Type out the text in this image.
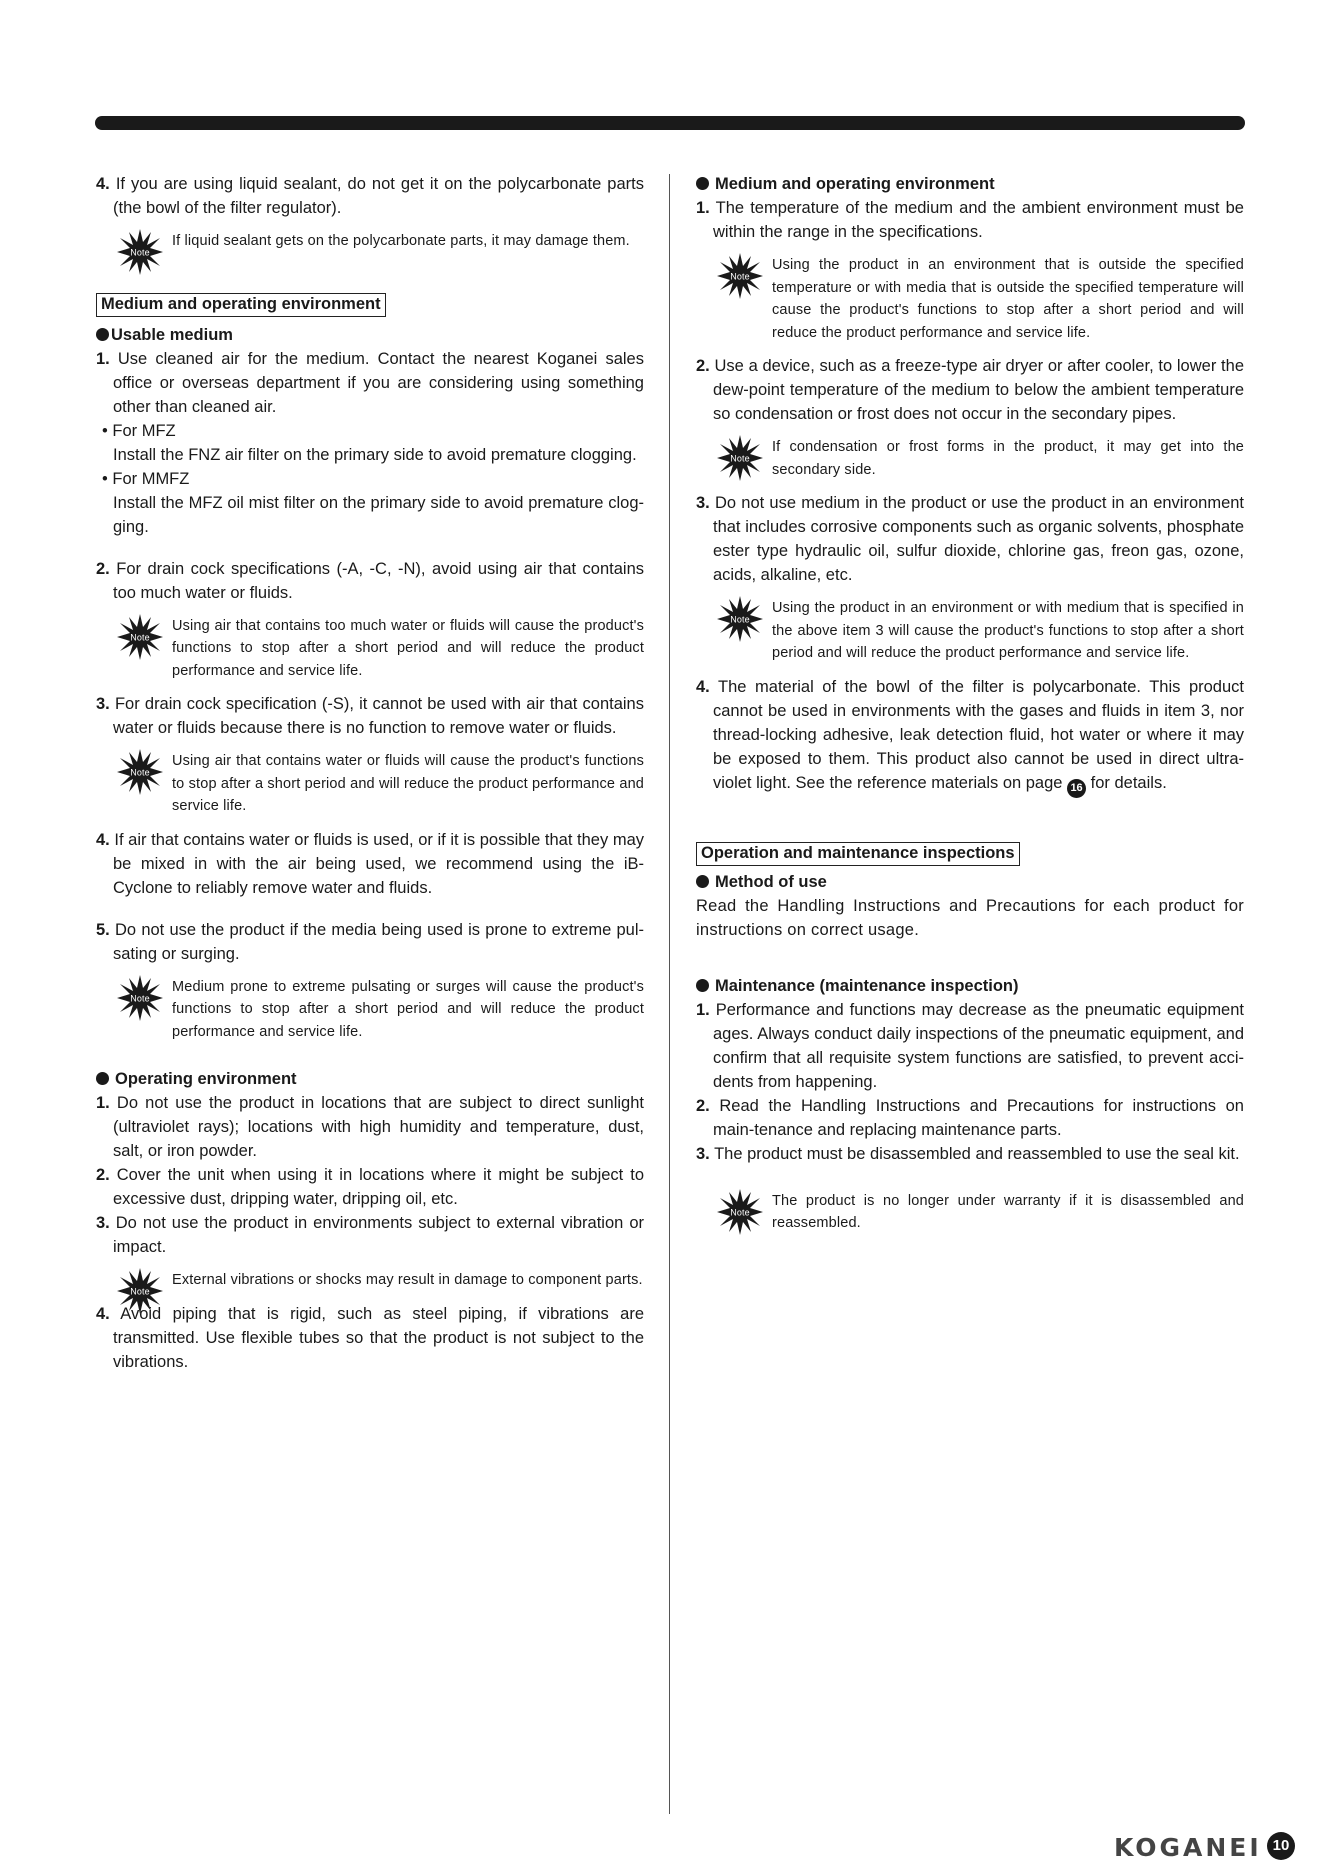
4. If you are using liquid sealant, do not get it on the polycarbonate parts (the bowl of the filter regulator).

Note
If liquid sealant gets on the polycarbonate parts, it may damage them.

Medium and operating environment

Usable medium

1. Use cleaned air for the medium. Contact the nearest Koganei sales office or overseas department if you are considering using something other than cleaned air.

• For MFZ

Install the FNZ air filter on the primary side to avoid premature clogging.

• For MMFZ

Install the MFZ oil mist filter on the primary side to avoid premature clog-ging.

2. For drain cock specifications (-A, -C, -N), avoid using air that contains too much water or fluids.

Note
Using air that contains too much water or fluids will cause the product's functions to stop after a short period and will reduce the product performance and service life.

3. For drain cock specification (-S), it cannot be used with air that contains water or fluids because there is no function to remove water or fluids.

Note
Using air that contains water or fluids will cause the product's functions to stop after a short period and will reduce the product performance and service life.

4. If air that contains water or fluids is used, or if it is possible that they may be mixed in with the air being used, we recommend using the iB-Cyclone to reliably remove water and fluids.

5. Do not use the product if the media being used is prone to extreme pul-sating or surging.

Note
Medium prone to extreme pulsating or surges will cause the product's functions to stop after a short period and will reduce the product performance and service life.

Operating environment

1. Do not use the product in locations that are subject to direct sunlight (ultraviolet rays); locations with high humidity and temperature, dust, salt, or iron powder.

2. Cover the unit when using it in locations where it might be subject to excessive dust, dripping water, dripping oil, etc.

3. Do not use the product in environments subject to external vibration or impact.

Note
External vibrations or shocks may result in damage to component parts.

4. Avoid piping that is rigid, such as steel piping, if vibrations are transmitted. Use flexible tubes so that the product is not subject to the vibrations.

Medium and operating environment

1. The temperature of the medium and the ambient environment must be within the range in the specifications.

Note
Using the product in an environment that is outside the specified temperature or with media that is outside the specified temperature will cause the product's functions to stop after a short period and will reduce the product performance and service life.

2. Use a device, such as a freeze-type air dryer or after cooler, to lower the dew-point temperature of the medium to below the ambient temperature so condensation or frost does not occur in the secondary pipes.

Note
If condensation or frost forms in the product, it may get into the secondary side.

3. Do not use medium in the product or use the product in an environment that includes corrosive components such as organic solvents, phosphate ester type hydraulic oil, sulfur dioxide, chlorine gas, freon gas, ozone, acids, alkaline, etc.

Note
Using the product in an environment or with medium that is specified in the above item 3 will cause the product's functions to stop after a short period and will reduce the product performance and service life.

4. The material of the bowl of the filter is polycarbonate. This product cannot be used in environments with the gases and fluids in item 3, nor thread-locking adhesive, leak detection fluid, hot water or where it may be exposed to them. This product also cannot be used in direct ultra-violet light. See the reference materials on page 16 for details.

Operation and maintenance inspections

Method of use

Read the Handling Instructions and Precautions for each product for instructions on correct usage.

Maintenance (maintenance inspection)

1. Performance and functions may decrease as the pneumatic equipment ages. Always conduct daily inspections of the pneumatic equipment, and confirm that all requisite system functions are satisfied, to prevent acci-dents from happening.

2. Read the Handling Instructions and Precautions for instructions on main-tenance and replacing maintenance parts.

3. The product must be disassembled and reassembled to use the seal kit.

Note
The product is no longer under warranty if it is disassembled and reassembled.
KOGANEI 10
